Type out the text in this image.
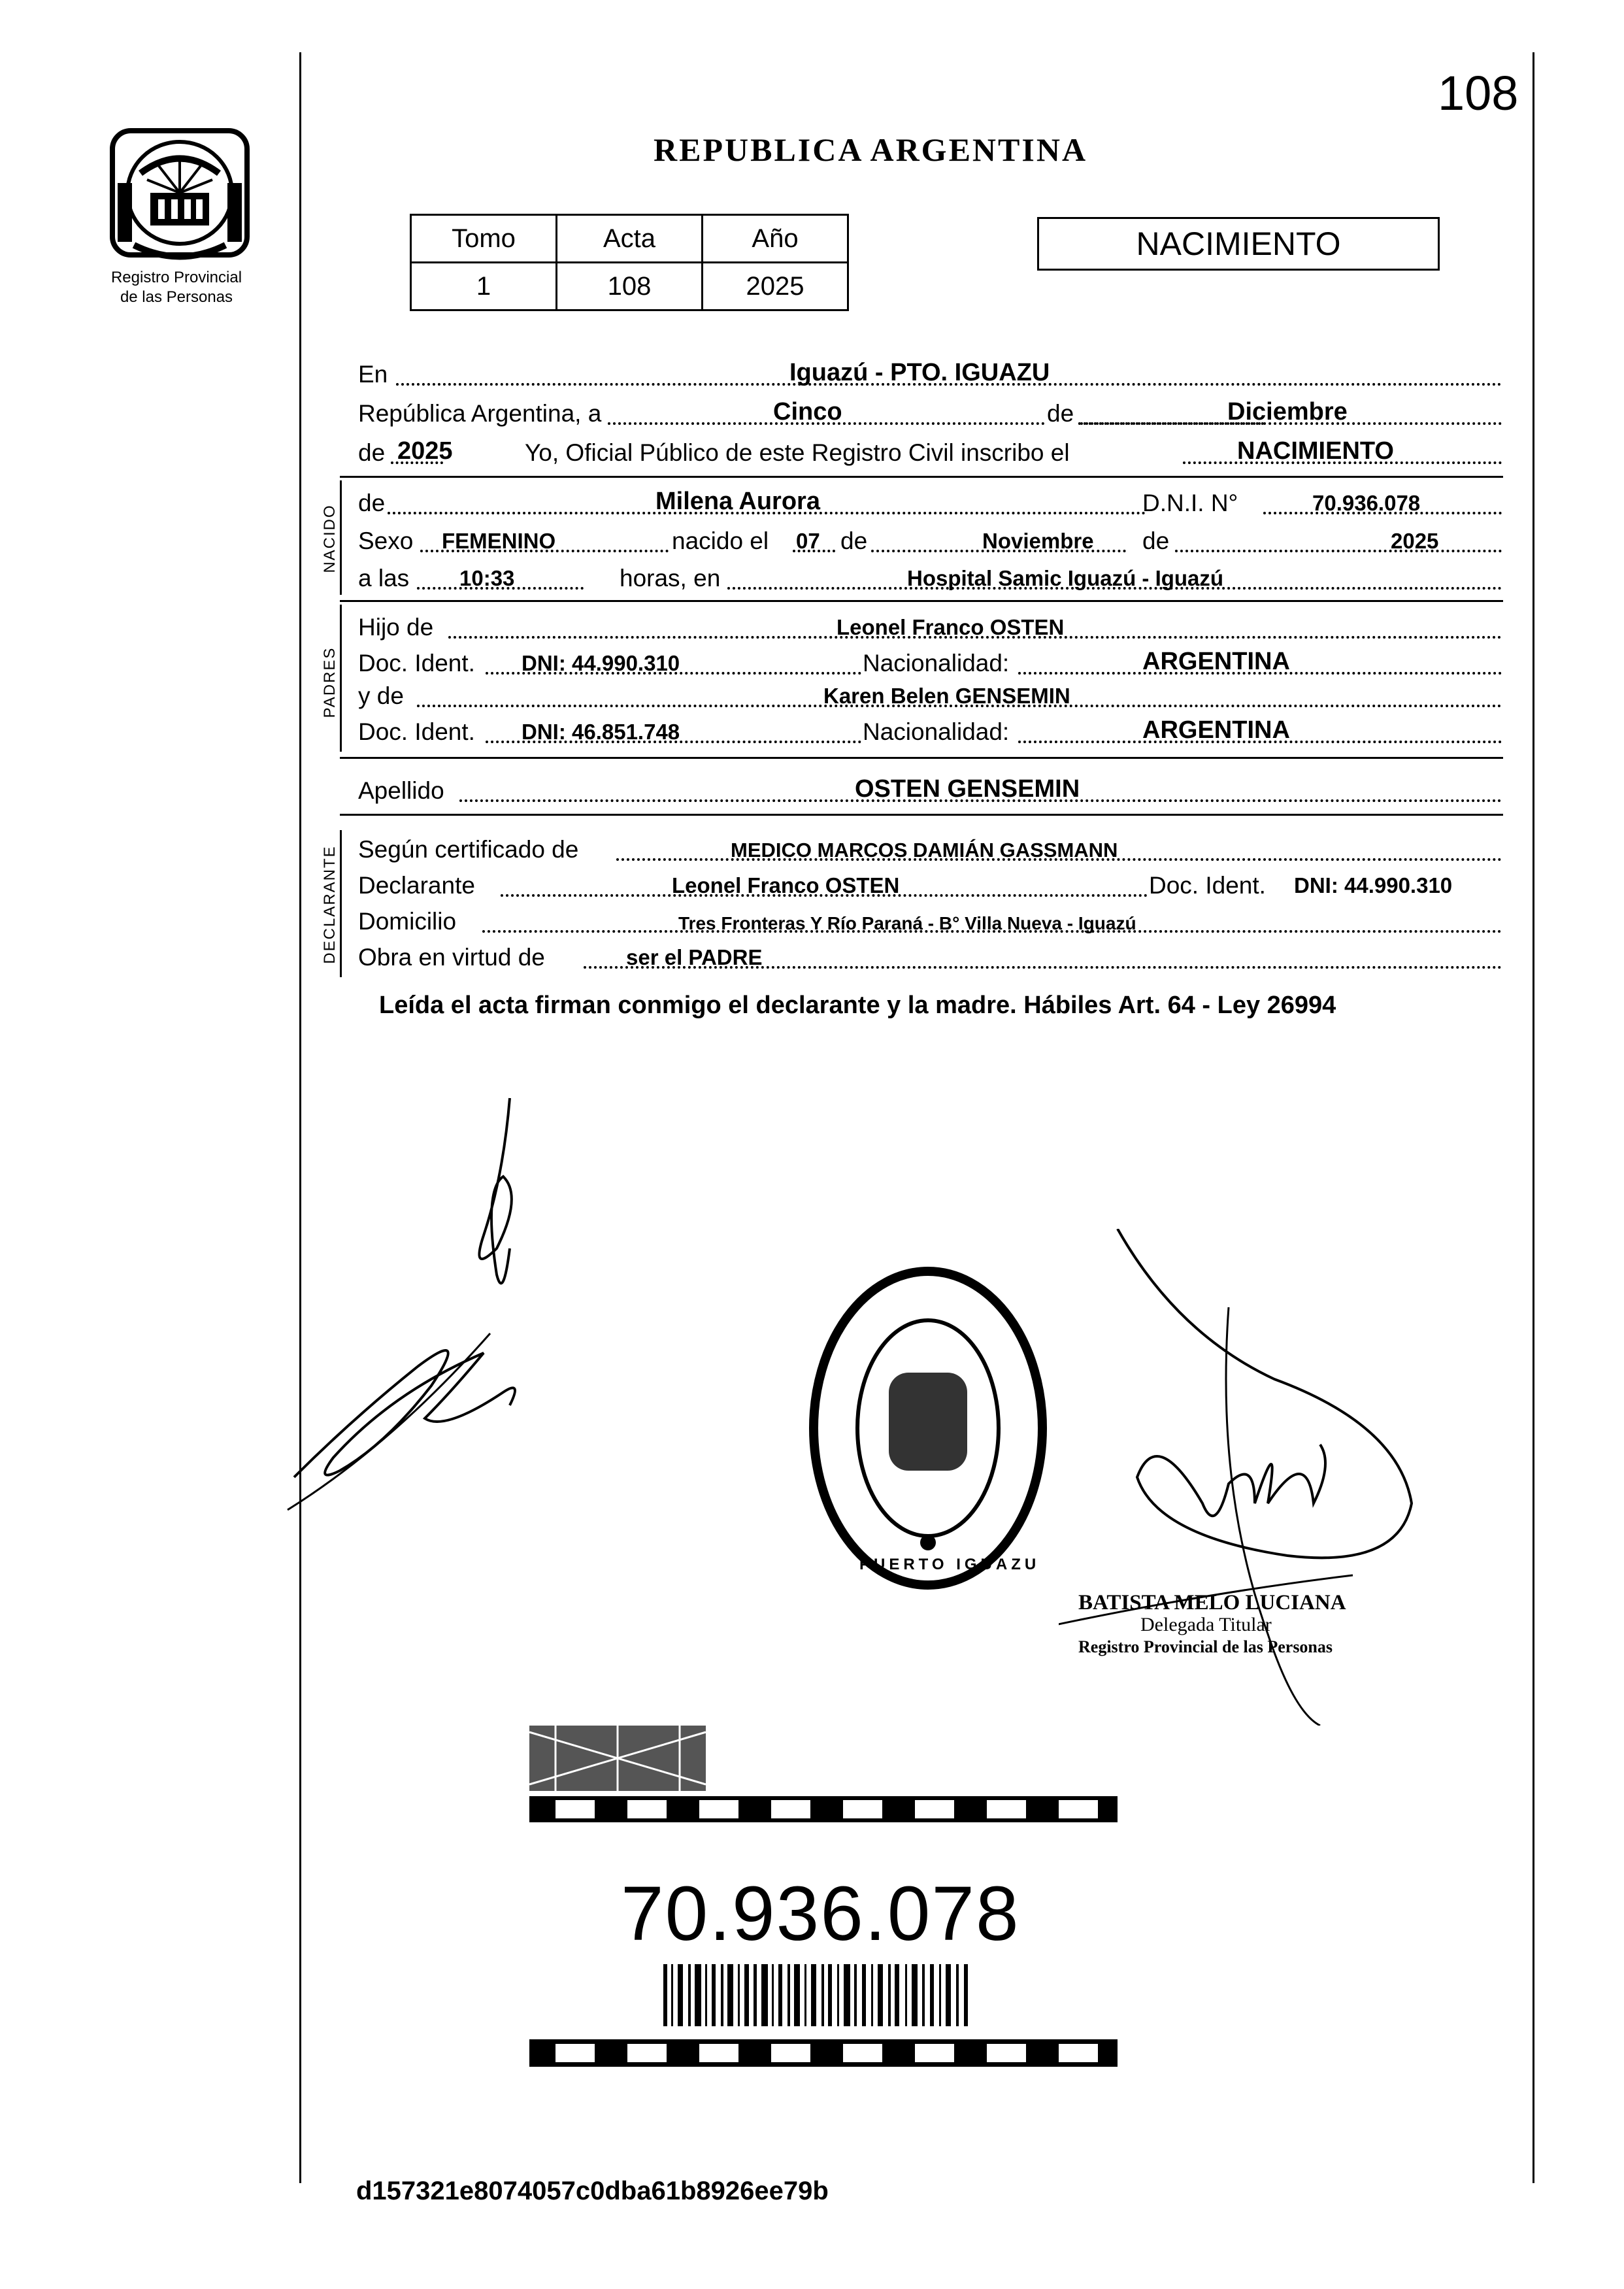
Registro Provincial
de las Personas
108
REPUBLICA ARGENTINA
Tomo	Acta	Año
1	108	2025
NACIMIENTO
En	Iguazú - PTO. IGUAZU
República Argentina, a	Cinco	de	Diciembre
de 2025	Yo, Oficial Público de este Registro Civil inscribo el	NACIMIENTO
NACIDO
de	Milena Aurora	D.N.I. N°	70.936.078
Sexo FEMENINO	nacido el 07 de	Noviembre de	2025
a las 10:33	horas, en	Hospital Samic Iguazú - Iguazú
PADRES
Hijo de	Leonel Franco OSTEN
Doc. Ident. DNI: 44.990.310	Nacionalidad:	ARGENTINA
y de	Karen Belen GENSEMIN
Doc. Ident. DNI: 46.851.748	Nacionalidad:	ARGENTINA
Apellido	OSTEN GENSEMIN
DECLARANTE Según certificado de	MEDICO MARCOS DAMIÁN GASSMANN
Declarante	Leonel Franco OSTEN	Doc. Ident. DNI: 44.990.310
Domicilio	Tres Fronteras Y Río Paraná - B° Villa Nueva - Iguazú
Obra en virtud de	ser el PADRE
Leída el acta firman conmigo el declarante y la madre. Hábiles Art. 64 - Ley 26994
PUERTO IGUAZU
BATISTA MELO LUCIANA
Delegada Titular
Registro Provincial de las Personas
70.936.078
d157321e8074057c0dba61b8926ee79b
